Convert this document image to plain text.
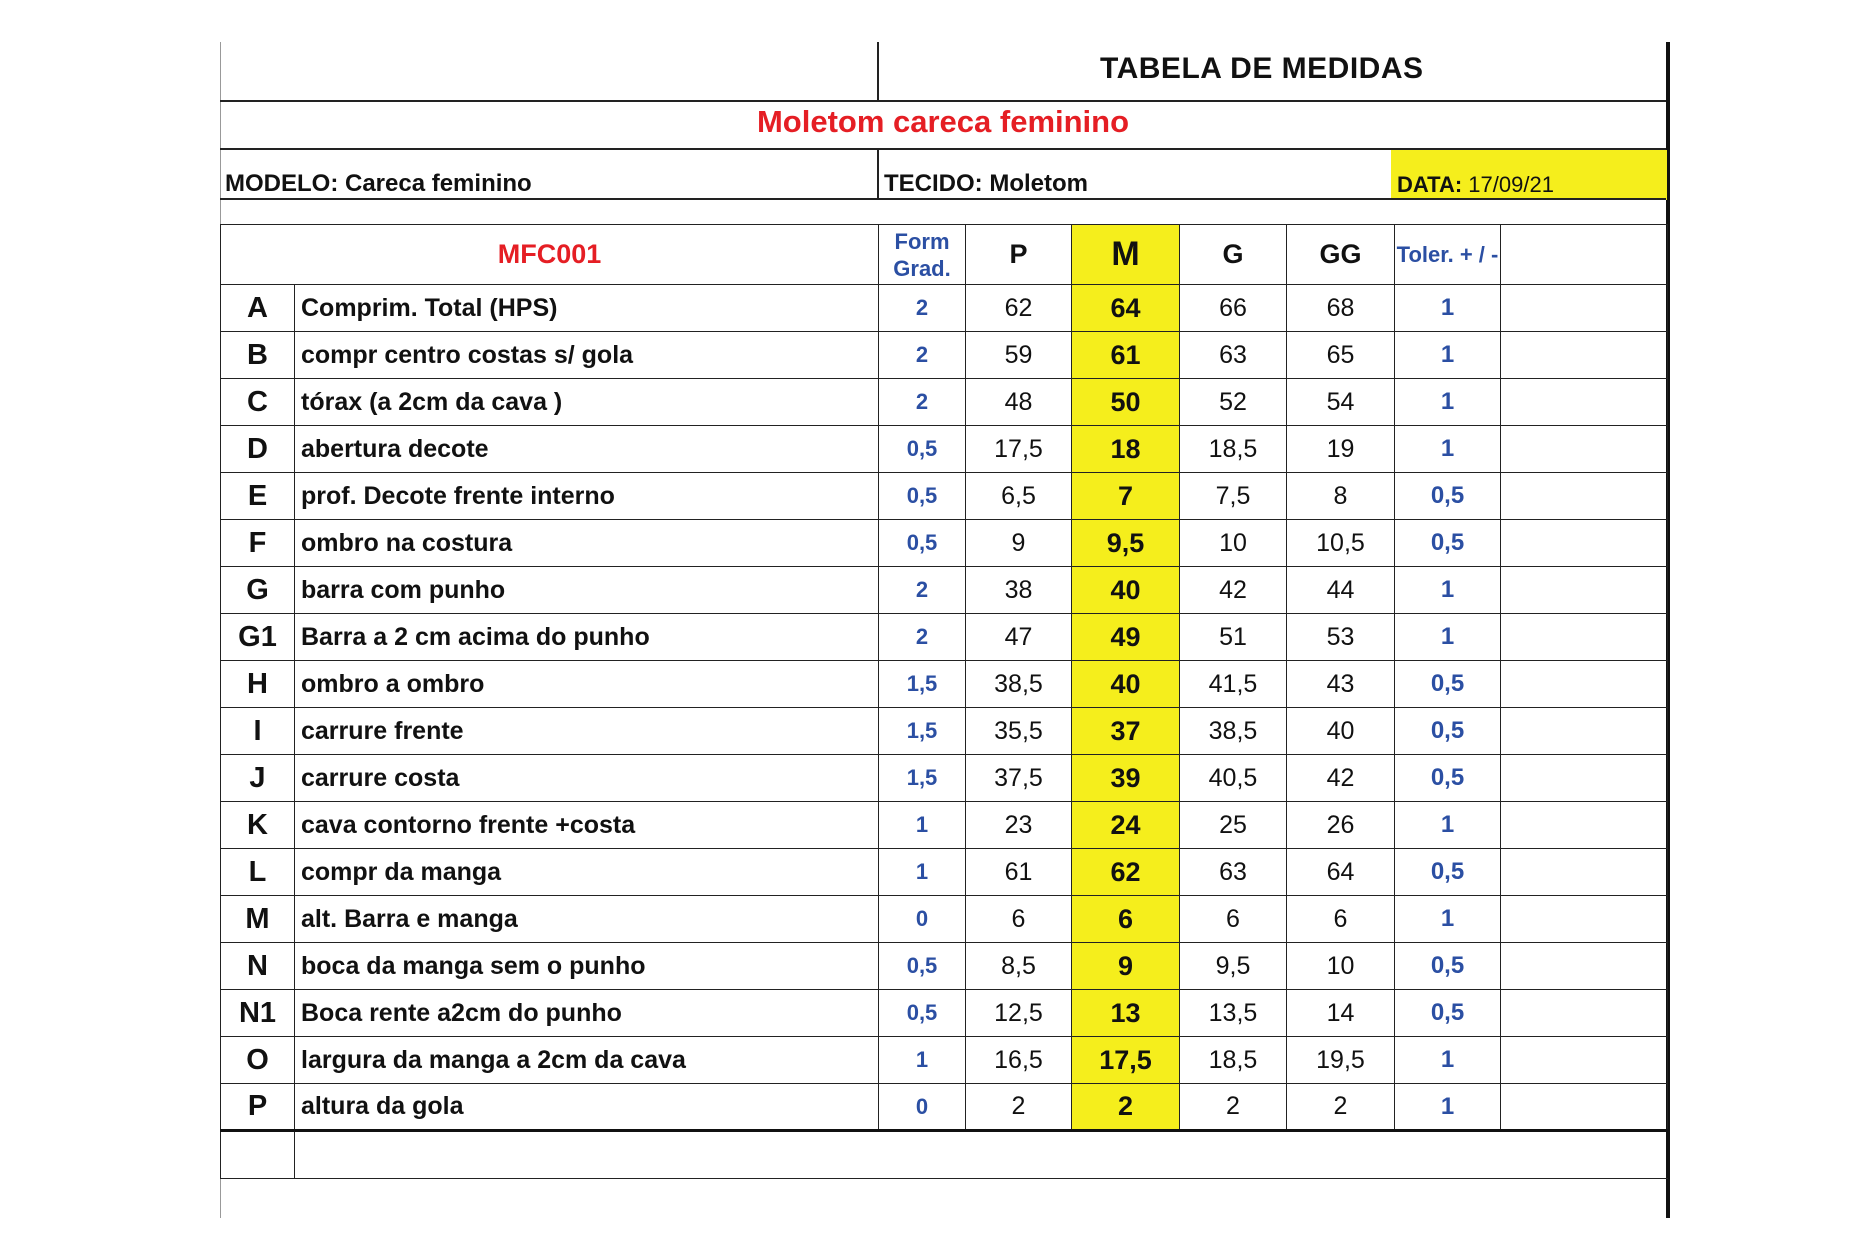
TABELA DE MEDIDAS
Moletom careca feminino
MODELO: Careca feminino	TECIDO: Moletom	DATA: 17/09/21
MFC001		Form Grad.	P	M	G	GG	Toler. + / -	

A	Comprim. Total (HPS)	2	62	64	66	68	1	
B	compr centro costas s/ gola	2	59	61	63	65	1	
C	tórax (a 2cm da cava )	2	48	50	52	54	1	
D	abertura decote	0,5	17,5	18	18,5	19	1	
E	prof. Decote frente interno	0,5	6,5	7	7,5	8	0,5	
F	ombro na costura	0,5	9	9,5	10	10,5	0,5	
G	barra com punho	2	38	40	42	44	1	
G1	Barra a 2 cm acima do punho	2	47	49	51	53	1	
H	ombro a ombro	1,5	38,5	40	41,5	43	0,5	
I	carrure frente	1,5	35,5	37	38,5	40	0,5	
J	carrure costa	1,5	37,5	39	40,5	42	0,5	
K	cava contorno frente +costa	1	23	24	25	26	1	
L	compr da manga	1	61	62	63	64	0,5	
M	alt. Barra e manga	0	6	6	6	6	1	
N	boca da manga sem o punho	0,5	8,5	9	9,5	10	0,5	
N1	Boca rente a2cm do punho	0,5	12,5	13	13,5	14	0,5	
O	largura da manga a 2cm da cava	1	16,5	17,5	18,5	19,5	1	
P	altura da gola	0	2	2	2	2	1	
